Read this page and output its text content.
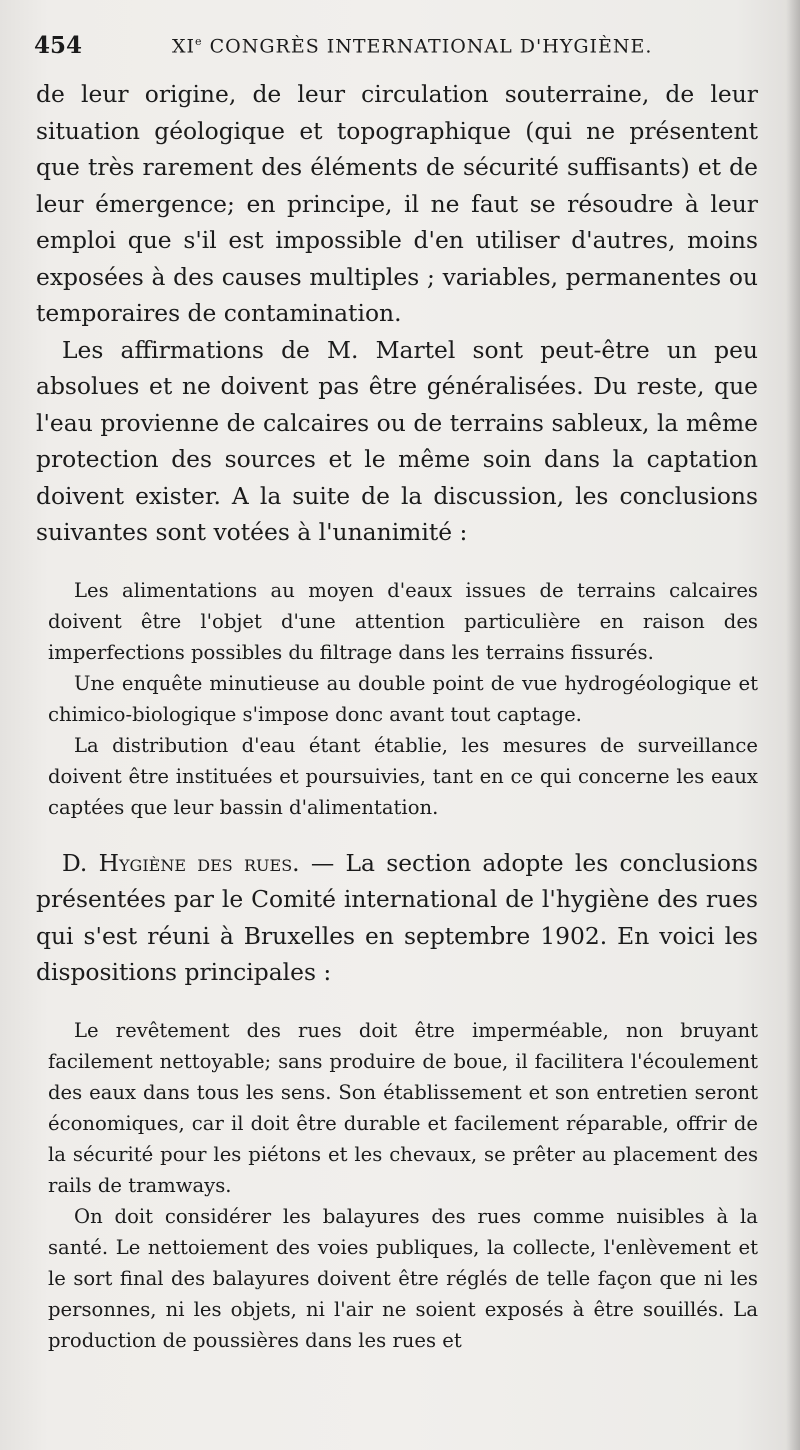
454	XIe CONGRÈS INTERNATIONAL D'HYGIÈNE.

de leur origine, de leur circulation souterraine, de leur situation géologique et topographique (qui ne présentent que très rarement des éléments de sécurité suffisants) et de leur émergence; en principe, il ne faut se résoudre à leur emploi que s'il est impossible d'en utiliser d'autres, moins exposées à des causes multiples ; variables, permanentes ou temporaires de contamination.

Les affirmations de M. Martel sont peut-être un peu absolues et ne doivent pas être généralisées. Du reste, que l'eau provienne de calcaires ou de terrains sableux, la même protection des sources et le même soin dans la captation doivent exister. A la suite de la discussion, les conclusions suivantes sont votées à l'unanimité :

Les alimentations au moyen d'eaux issues de terrains calcaires doivent être l'objet d'une attention particulière en raison des imperfections possibles du filtrage dans les terrains fissurés.

Une enquête minutieuse au double point de vue hydrogéologique et chimico-biologique s'impose donc avant tout captage.

La distribution d'eau étant établie, les mesures de surveillance doivent être instituées et poursuivies, tant en ce qui concerne les eaux captées que leur bassin d'alimentation.

D. Hygiène des rues. — La section adopte les conclusions présentées par le Comité international de l'hygiène des rues qui s'est réuni à Bruxelles en septembre 1902. En voici les dispositions principales :

Le revêtement des rues doit être imperméable, non bruyant facilement nettoyable; sans produire de boue, il facilitera l'écoulement des eaux dans tous les sens. Son établissement et son entretien seront économiques, car il doit être durable et facilement réparable, offrir de la sécurité pour les piétons et les chevaux, se prêter au placement des rails de tramways.

On doit considérer les balayures des rues comme nuisibles à la santé. Le nettoiement des voies publiques, la collecte, l'enlèvement et le sort final des balayures doivent être réglés de telle façon que ni les personnes, ni les objets, ni l'air ne soient exposés à être souillés. La production de poussières dans les rues et
